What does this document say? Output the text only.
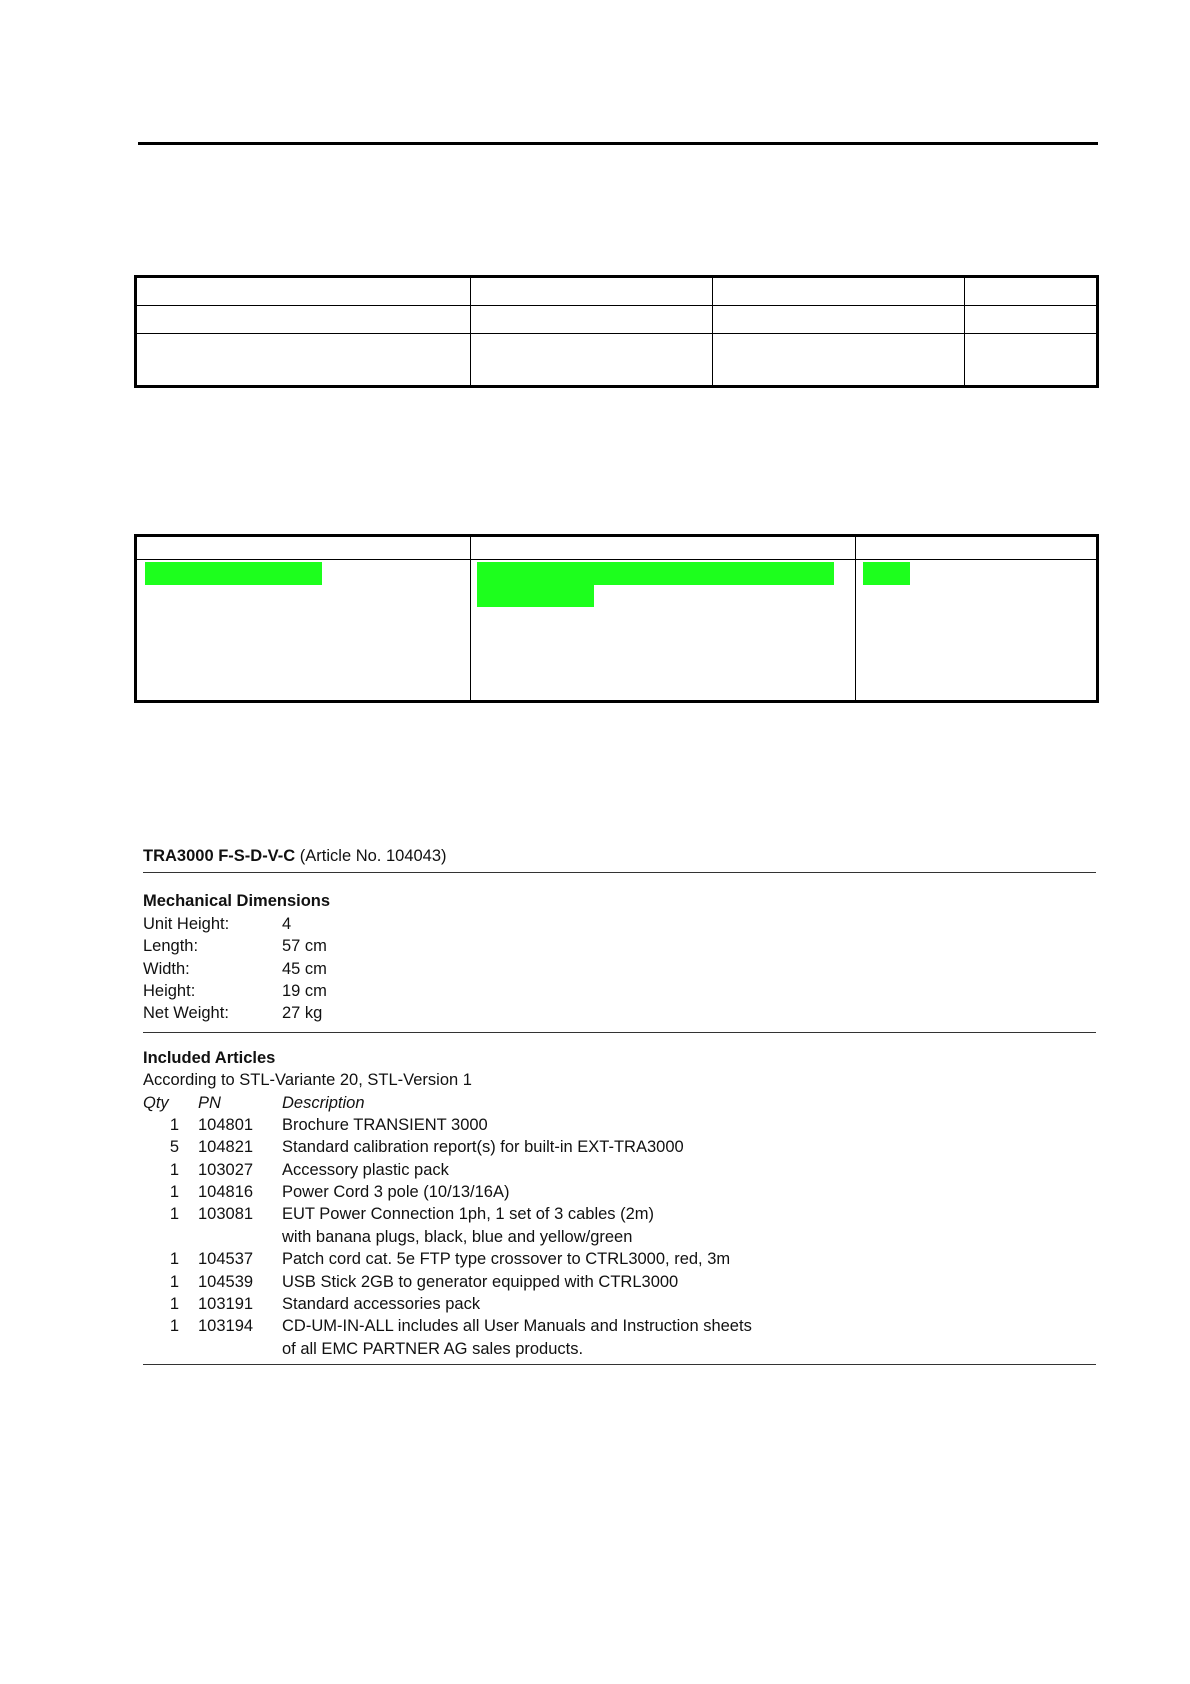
TRA3000 F-S-D-V-C (Article No. 104043)
Mechanical Dimensions
Unit Height:	4
Length:	57 cm
Width:	45 cm
Height:	19 cm
Net Weight:	27 kg
Included Articles
According to STL-Variante 20, STL-Version 1
Qty PN	Description
1 104801 Brochure TRANSIENT 3000
5 104821 Standard calibration report(s) for built-in EXT-TRA3000
1 103027 Accessory plastic pack
1 104816 Power Cord 3 pole (10/13/16A)
1 103081 EUT Power Connection 1ph, 1 set of 3 cables (2m)
with banana plugs, black, blue and yellow/green
1 104537 Patch cord cat. 5e FTP type crossover to CTRL3000, red, 3m
1 104539 USB Stick 2GB to generator equipped with CTRL3000
1 103191 Standard accessories pack
1 103194 CD-UM-IN-ALL includes all User Manuals and Instruction sheets
of all EMC PARTNER AG sales products.
